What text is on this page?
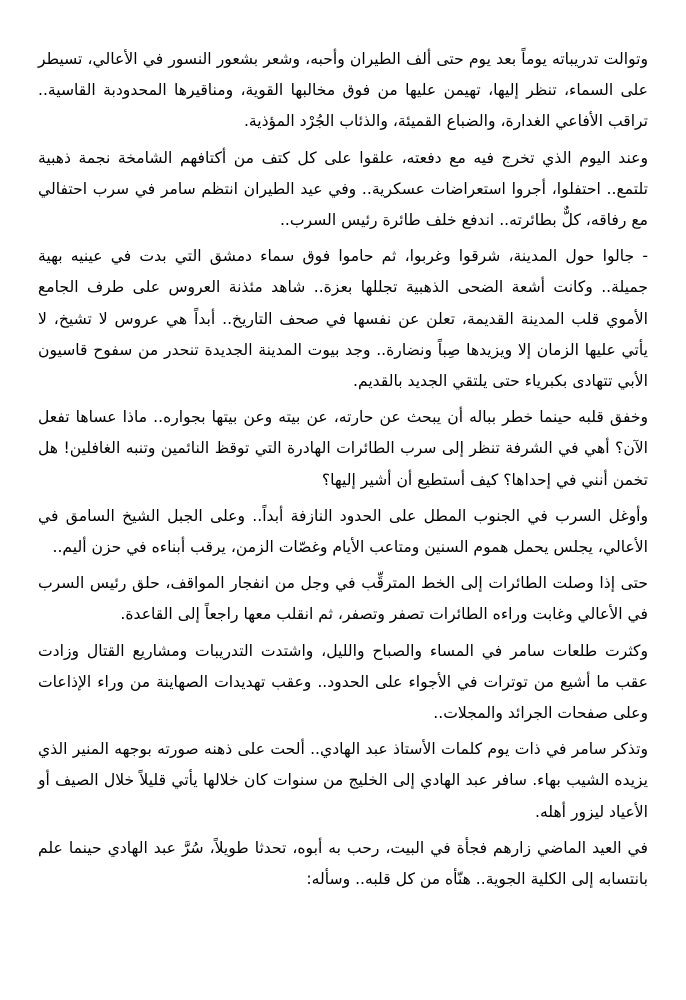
وتوالت تدريباته يوماً بعد يوم حتى ألف الطيران وأحبه، وشعر بشعور النسور في الأعالي، تسيطر على السماء، تنظر إليها، تهيمن عليها من فوق مخالبها القوية، ومناقيرها المحدودبة القاسية.. تراقب الأفاعي الغدارة، والضباع القميئة، والذئاب الجُرْد المؤذية.

وعند اليوم الذي تخرج فيه مع دفعته، علقوا على كل كتف من أكتافهم الشامخة نجمة ذهبية تلتمع.. احتفلوا، أجروا استعراضات عسكرية.. وفي عيد الطيران انتظم سامر في سرب احتفالي مع رفاقه، كلٌّ بطائرته.. اندفع خلف طائرة رئيس السرب..

- جالوا حول المدينة، شرقوا وغربوا، ثم حاموا فوق سماء دمشق التي بدت في عينيه بهية جميلة.. وكانت أشعة الضحى الذهبية تجللها بعزة.. شاهد مئذنة العروس على طرف الجامع الأموي قلب المدينة القديمة، تعلن عن نفسها في صحف التاريخ.. أبداً هي عروس لا تشيخ، لا يأتي عليها الزمان إلا ويزيدها صِباً ونضارة.. وجد بيوت المدينة الجديدة تنحدر من سفوح قاسيون الأبي تتهادى بكبرياء حتى يلتقي الجديد بالقديم.

وخفق قلبه حينما خطر بباله أن يبحث عن حارته، عن بيته وعن بيتها بجواره.. ماذا عساها تفعل الآن؟ أهي في الشرفة تنظر إلى سرب الطائرات الهادرة التي توقظ النائمين وتنبه الغافلين! هل تخمن أنني في إحداها؟ كيف أستطيع أن أشير إليها؟

وأوغل السرب في الجنوب المطل على الحدود النازفة أبداً.. وعلى الجبل الشيخ السامق في الأعالي، يجلس يحمل هموم السنين ومتاعب الأيام وغصّات الزمن، يرقب أبناءه في حزن أليم..

حتى إذا وصلت الطائرات إلى الخط المترقِّب في وجل من انفجار المواقف، حلق رئيس السرب في الأعالي وغابت وراءه الطائرات تصفر وتصفر، ثم انقلب معها راجعاً إلى القاعدة.

وكثرت طلعات سامر في المساء والصباح والليل، واشتدت التدريبات ومشاريع القتال وزادت عقب ما أشيع من توترات في الأجواء على الحدود.. وعقب تهديدات الصهاينة من وراء الإذاعات وعلى صفحات الجرائد والمجلات..

وتذكر سامر في ذات يوم كلمات الأستاذ عبد الهادي.. ألحت على ذهنه صورته بوجهه المنير الذي يزيده الشيب بهاء. سافر عبد الهادي إلى الخليج من سنوات كان خلالها يأتي قليلاً خلال الصيف أو الأعياد ليزور أهله.

في العيد الماضي زارهم فجأة في البيت، رحب به أبوه، تحدثا طويلاً، سُرَّ عبد الهادي حينما علم بانتسابه إلى الكلية الجوية.. هنّأه من كل قلبه.. وسأله:
